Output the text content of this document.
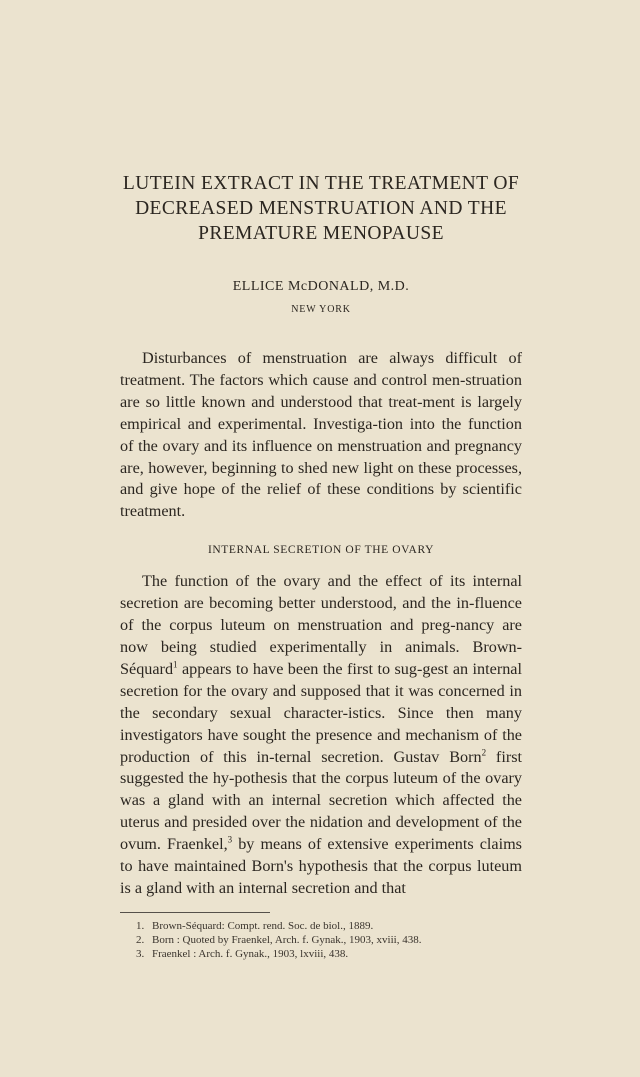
LUTEIN EXTRACT IN THE TREATMENT OF
DECREASED MENSTRUATION AND THE
PREMATURE MENOPAUSE
ELLICE McDONALD, M.D.
NEW YORK

Disturbances of menstruation are always difficult of treatment. The factors which cause and control men-struation are so little known and understood that treat-ment is largely empirical and experimental. Investiga-tion into the function of the ovary and its influence on menstruation and pregnancy are, however, beginning to shed new light on these processes, and give hope of the relief of these conditions by scientific treatment.

INTERNAL SECRETION OF THE OVARY

The function of the ovary and the effect of its internal secretion are becoming better understood, and the in-fluence of the corpus luteum on menstruation and preg-nancy are now being studied experimentally in animals. Brown-Séquard$^1$ appears to have been the first to sug-gest an internal secretion for the ovary and supposed that it was concerned in the secondary sexual character-istics. Since then many investigators have sought the presence and mechanism of the production of this in-ternal secretion. Gustav Born$^2$ first suggested the hy-pothesis that the corpus luteum of the ovary was a gland with an internal secretion which affected the uterus and presided over the nidation and development of the ovum. Fraenkel,$^3$ by means of extensive experiments claims to have maintained Born's hypothesis that the corpus luteum is a gland with an internal secretion and that

1. Brown-Séquard: Compt. rend. Soc. de biol., 1889.
2. Born : Quoted by Fraenkel, Arch. f. Gynak., 1903, xviii, 438.
3. Fraenkel : Arch. f. Gynak., 1903, lxviii, 438.
